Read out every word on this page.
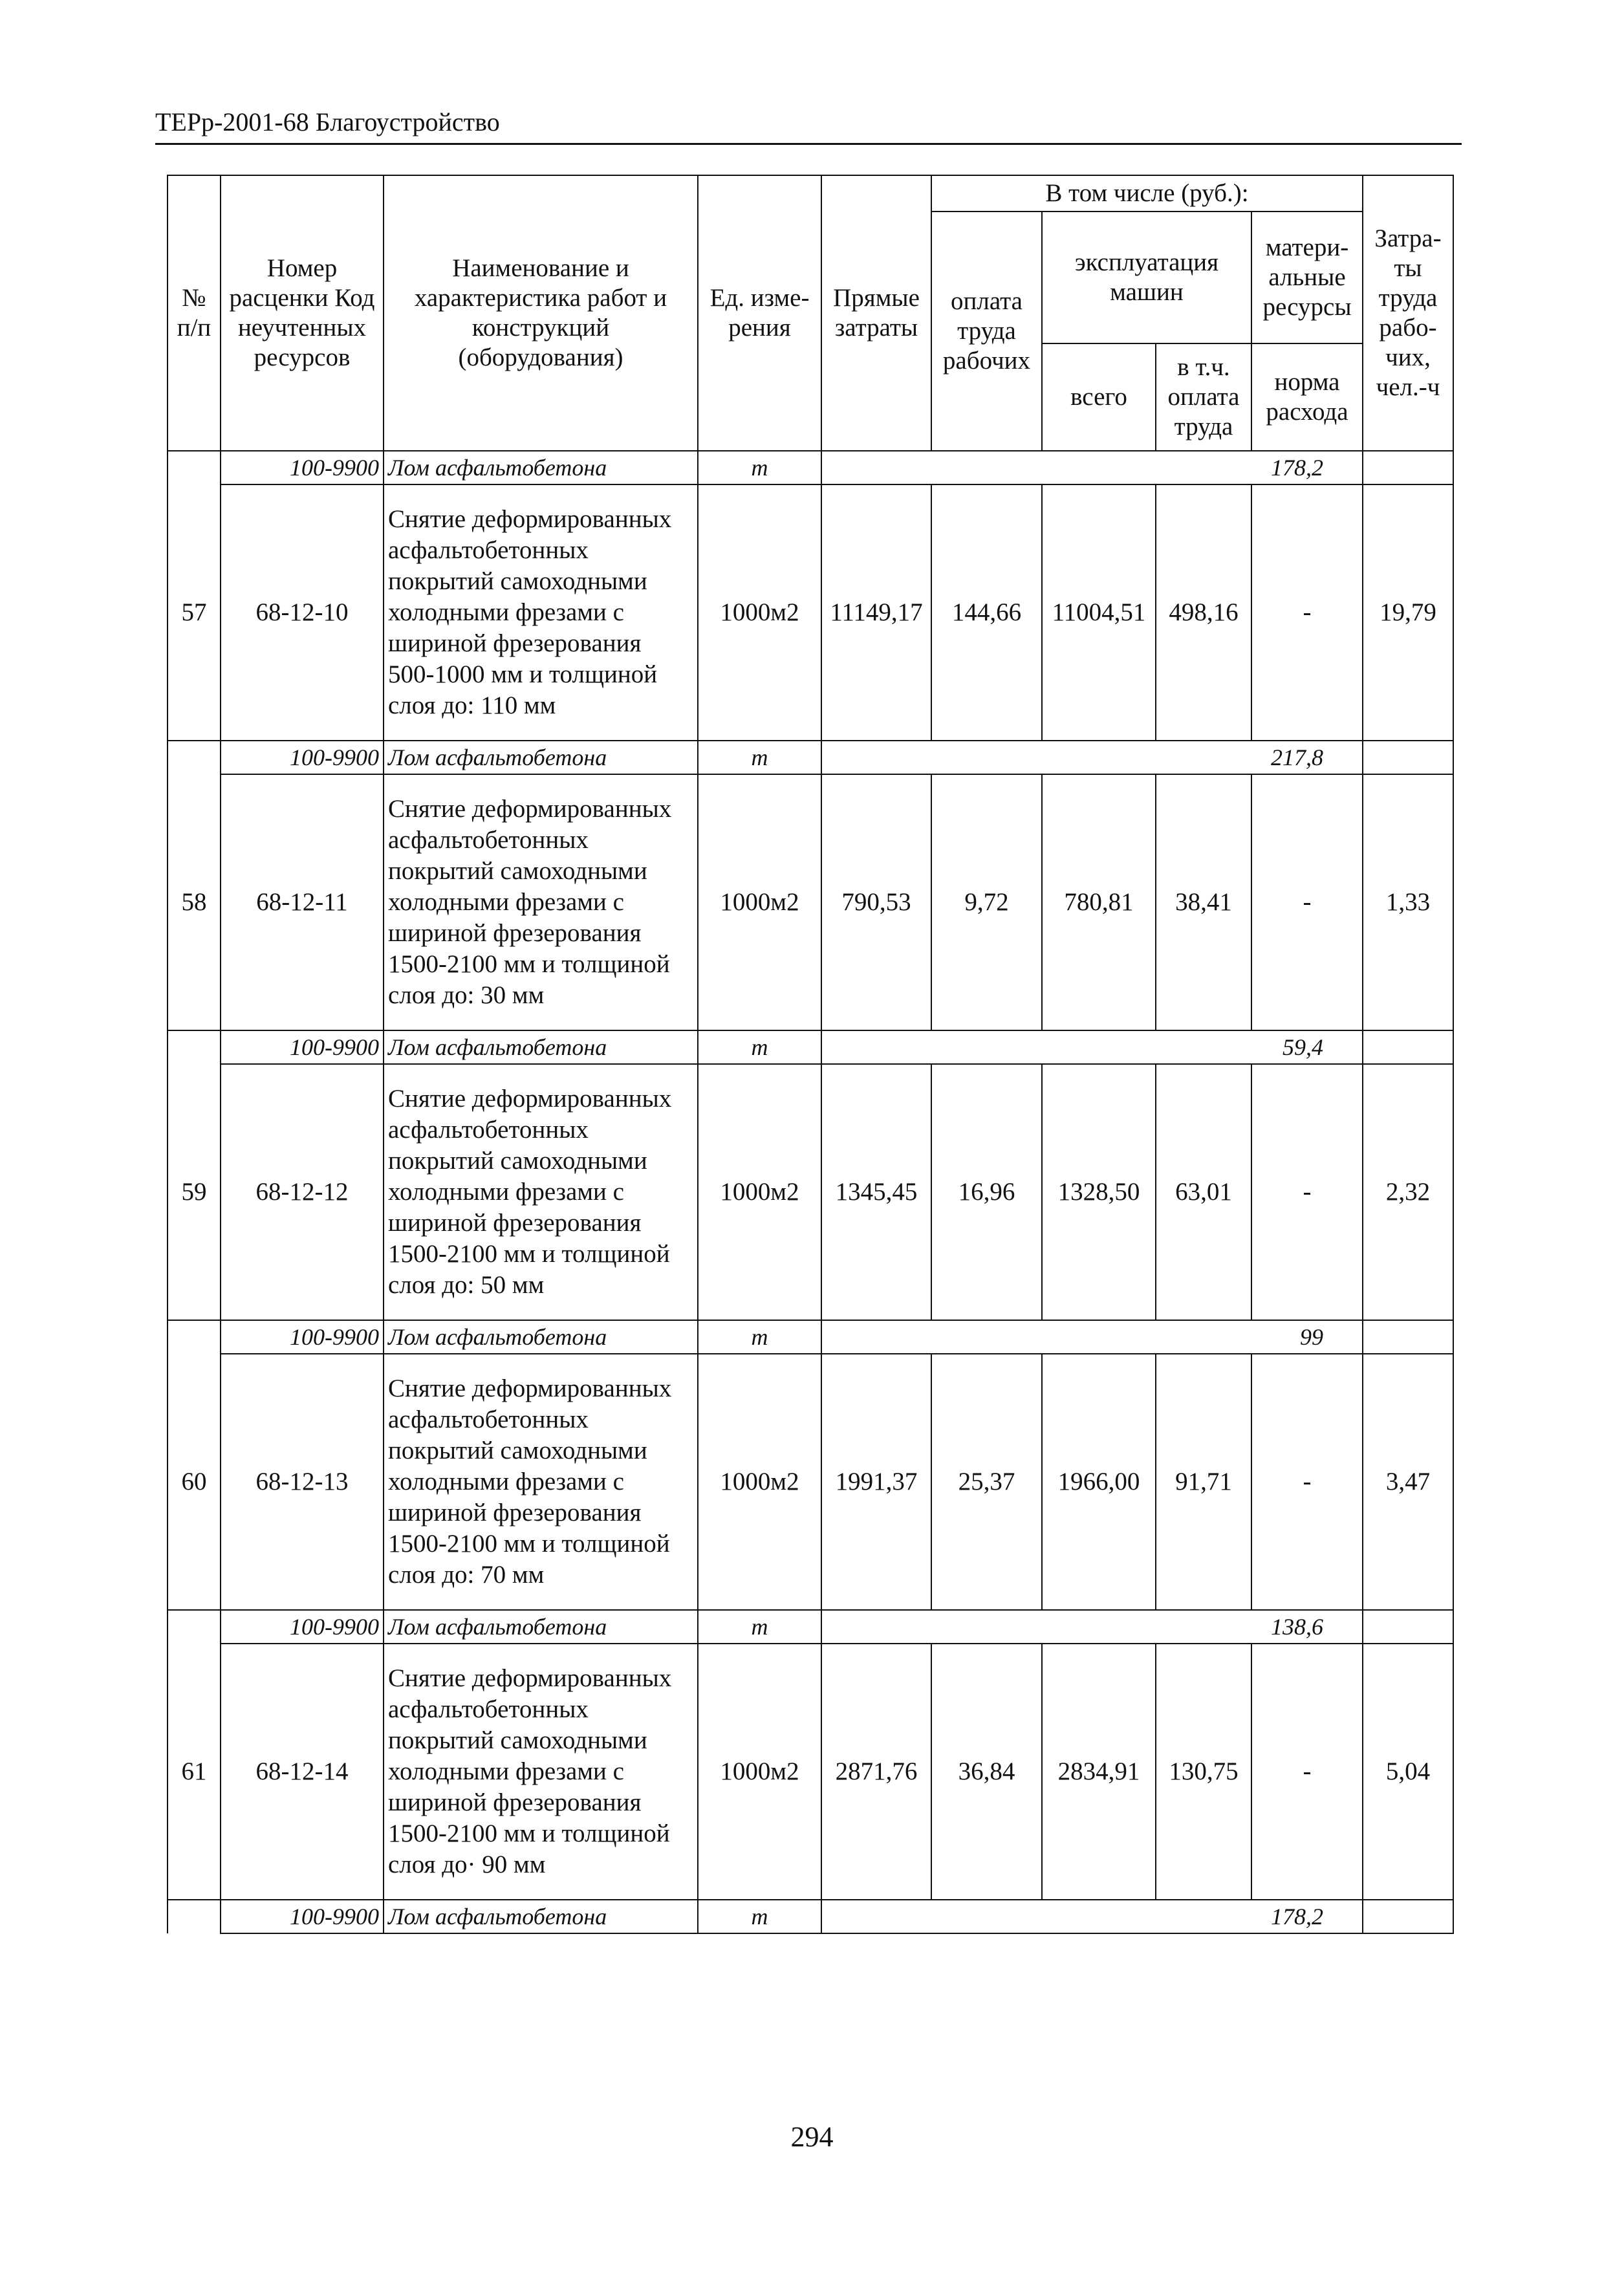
ТЕРр-2001-68 Благоустройство
№ п/п	Номер расценки Код неучтенных ресурсов	Наименование и характеристика работ и конструкций (оборудования)	Ед. изме-рения	Прямые затраты	В том числе (руб.):				Затра-ты труда рабо-чих, чел.-ч
					оплата труда рабочих	эксплуатация машин		матери-альные ресурсы	
						всего	в т.ч. оплата труда	норма расхода	
	100-9900	Лом асфальтобетона	т	178,2					
57	68-12-10	Снятие деформированных асфальтобетонных покрытий самоходными холодными фрезами с шириной фрезерования 500-1000 мм и толщиной слоя до: 110 мм	1000м2	11149,17	144,66	11004,51	498,16	-	19,79
	100-9900	Лом асфальтобетона	т	217,8					
58	68-12-11	Снятие деформированных асфальтобетонных покрытий самоходными холодными фрезами с шириной фрезерования 1500-2100 мм и толщиной слоя до: 30 мм	1000м2	790,53	9,72	780,81	38,41	-	1,33
	100-9900	Лом асфальтобетона	т	59,4					
59	68-12-12	Снятие деформированных асфальтобетонных покрытий самоходными холодными фрезами с шириной фрезерования 1500-2100 мм и толщиной слоя до: 50 мм	1000м2	1345,45	16,96	1328,50	63,01	-	2,32
	100-9900	Лом асфальтобетона	т	99					
60	68-12-13	Снятие деформированных асфальтобетонных покрытий самоходными холодными фрезами с шириной фрезерования 1500-2100 мм и толщиной слоя до: 70 мм	1000м2	1991,37	25,37	1966,00	91,71	-	3,47
	100-9900	Лом асфальтобетона	т	138,6					
61	68-12-14	Снятие деформированных асфальтобетонных покрытий самоходными холодными фрезами с шириной фрезерования 1500-2100 мм и толщиной слоя до· 90 мм	1000м2	2871,76	36,84	2834,91	130,75	-	5,04
	100-9900	Лом асфальтобетона	т	178,2					
294
